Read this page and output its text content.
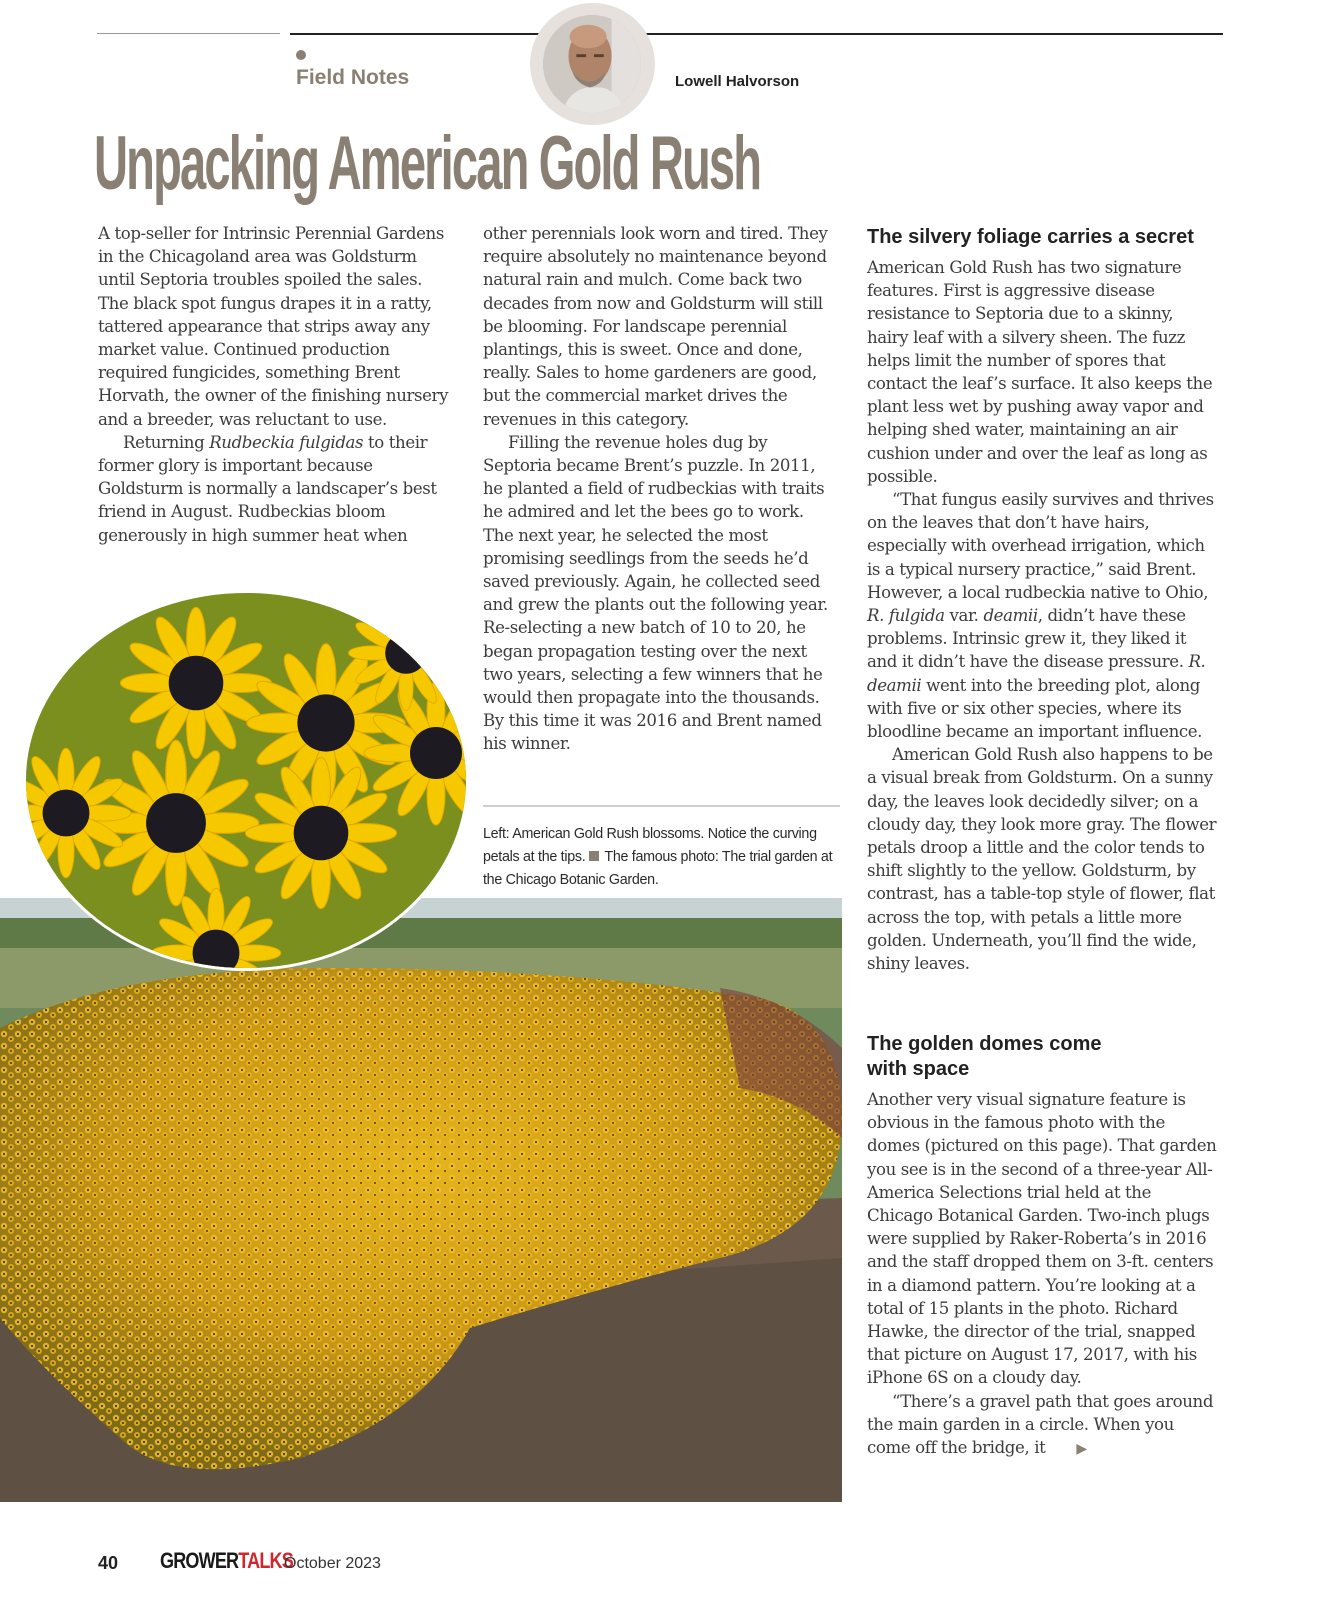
Field Notes	Lowell Halvorson
Unpacking American Gold Rush

A top-seller for Intrinsic Perennial Gardens in the Chicagoland area was Goldsturm until Septoria troubles spoiled the sales. The black spot fungus drapes it in a ratty, tattered appearance that strips away any market value. Continued production required fungicides, something Brent Horvath, the owner of the finishing nursery and a breeder, was reluctant to use.

Returning Rudbeckia fulgidas to their former glory is important because Goldsturm is normally a landscaper’s best friend in August. Rudbeckias bloom generously in high summer heat when

other perennials look worn and tired. They require absolutely no maintenance beyond natural rain and mulch. Come back two decades from now and Goldsturm will still be blooming. For landscape perennial plantings, this is sweet. Once and done, really. Sales to home gardeners are good, but the commercial market drives the revenues in this category.

Filling the revenue holes dug by Septoria became Brent’s puzzle. In 2011, he planted a field of rudbeckias with traits he admired and let the bees go to work. The next year, he selected the most promising seedlings from the seeds he’d saved previously. Again, he collected seed and grew the plants out the following year. Re-selecting a new batch of 10 to 20, he began propagation testing over the next two years, selecting a few winners that he would then propagate into the thousands. By this time it was 2016 and Brent named his winner.

Left: American Gold Rush blossoms. Notice the curving petals at the tips. The famous photo: The trial garden at the Chicago Botanic Garden.
The silvery foliage carries a secret

American Gold Rush has two signature features. First is aggressive disease resistance to Septoria due to a skinny, hairy leaf with a silvery sheen. The fuzz helps limit the number of spores that contact the leaf’s surface. It also keeps the plant less wet by pushing away vapor and helping shed water, maintaining an air cushion under and over the leaf as long as possible.

“That fungus easily survives and thrives on the leaves that don’t have hairs, especially with overhead irrigation, which is a typical nursery practice,” said Brent. However, a local rudbeckia native to Ohio, R. fulgida var. deamii, didn’t have these problems. Intrinsic grew it, they liked it and it didn’t have the disease pressure. R. deamii went into the breeding plot, along with five or six other species, where its bloodline became an important influence.

American Gold Rush also happens to be a visual break from Goldsturm. On a sunny day, the leaves look decidedly silver; on a cloudy day, they look more gray. The flower petals droop a little and the color tends to shift slightly to the yellow. Goldsturm, by contrast, has a table-top style of flower, flat across the top, with petals a little more golden. Underneath, you’ll find the wide, shiny leaves.

The golden domes come with space

Another very visual signature feature is obvious in the famous photo with the domes (pictured on this page). That garden you see is in the second of a three-year All-America Selections trial held at the Chicago Botanical Garden. Two-inch plugs were supplied by Raker-Roberta’s in 2016 and the staff dropped them on 3-ft. centers in a diamond pattern. You’re looking at a total of 15 plants in the photo. Richard Hawke, the director of the trial, snapped that picture on August 17, 2017, with his iPhone 6S on a cloudy day.

“There’s a gravel path that goes around the main garden in a circle. When you come off the bridge, it ▶

40 GROWERTALKS
October 2023
